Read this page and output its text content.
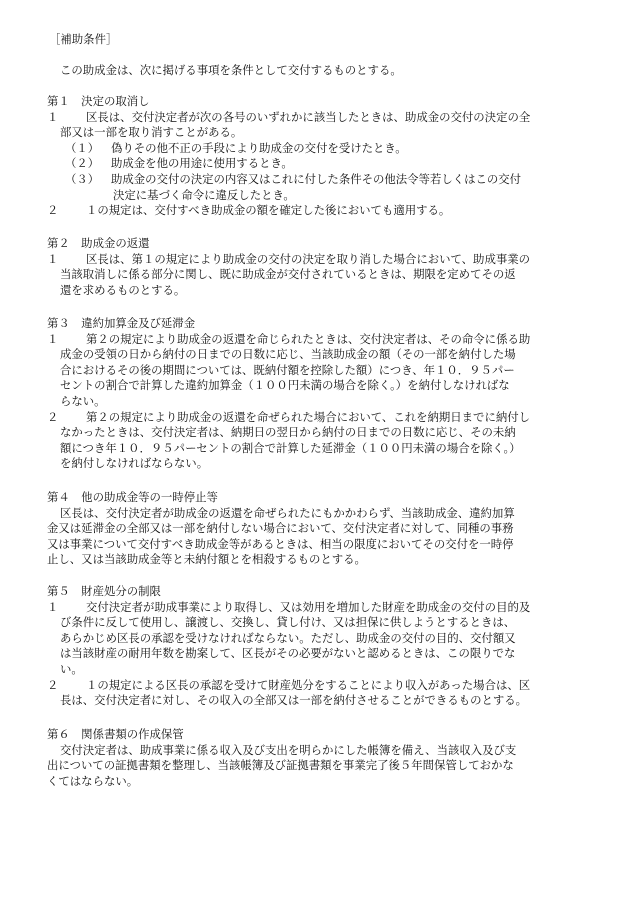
［補助条件］
この助成金は、次に掲げる事項を条件として交付するものとする。
第１　決定の取消し
１ 区長は、交付決定者が次の各号のいずれかに該当したときは、助成金の交付の決定の全
部又は一部を取り消すことがある。
（１） 偽りその他不正の手段により助成金の交付を受けたとき。
（２） 助成金を他の用途に使用するとき。
（３） 助成金の交付の決定の内容又はこれに付した条件その他法令等若しくはこの交付
決定に基づく命令に違反したとき。
２ １の規定は、交付すべき助成金の額を確定した後においても適用する。
第２　助成金の返還
１ 区長は、第１の規定により助成金の交付の決定を取り消した場合において、助成事業の
当該取消しに係る部分に関し、既に助成金が交付されているときは、期限を定めてその返
還を求めるものとする。
第３　違約加算金及び延滞金
１ 第２の規定により助成金の返還を命じられたときは、交付決定者は、その命令に係る助
成金の受領の日から納付の日までの日数に応じ、当該助成金の額（その一部を納付した場
合におけるその後の期間については、既納付額を控除した額）につき、年１０．９５パー
セントの割合で計算した違約加算金（１００円未満の場合を除く。）を納付しなければな
らない。
２ 第２の規定により助成金の返還を命ぜられた場合において、これを納期日までに納付し
なかったときは、交付決定者は、納期日の翌日から納付の日までの日数に応じ、その未納
額につき年１０．９５パーセントの割合で計算した延滞金（１００円未満の場合を除く。）
を納付しなければならない。
第４　他の助成金等の一時停止等
区長は、交付決定者が助成金の返還を命ぜられたにもかかわらず、当該助成金、違約加算
金又は延滞金の全部又は一部を納付しない場合において、交付決定者に対して、同種の事務
又は事業について交付すべき助成金等があるときは、相当の限度においてその交付を一時停
止し、又は当該助成金等と未納付額とを相殺するものとする。
第５　財産処分の制限
１ 交付決定者が助成事業により取得し、又は効用を増加した財産を助成金の交付の目的及
び条件に反して使用し、譲渡し、交換し、貸し付け、又は担保に供しようとするときは、
あらかじめ区長の承認を受けなければならない。ただし、助成金の交付の目的、交付額又
は当該財産の耐用年数を勘案して、区長がその必要がないと認めるときは、この限りでな
い。
２ １の規定による区長の承認を受けて財産処分をすることにより収入があった場合は、区
長は、交付決定者に対し、その収入の全部又は一部を納付させることができるものとする。
第６　関係書類の作成保管
交付決定者は、助成事業に係る収入及び支出を明らかにした帳簿を備え、当該収入及び支
出についての証拠書類を整理し、当該帳簿及び証拠書類を事業完了後５年間保管しておかな
くてはならない。
